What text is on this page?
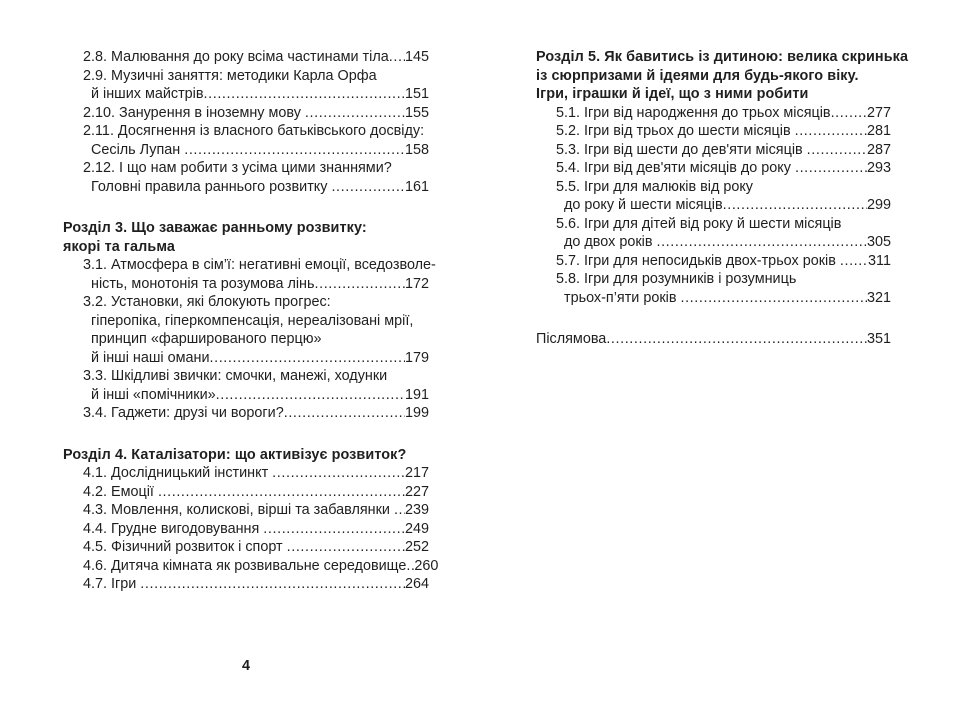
2.8. Малювання до року всіма частинами тіла ..... 145
2.9. Музичні заняття: методики Карла Орфа
й інших майстрів .....	151
2.10. Занурення в іноземну мову .....	155
2.11. Досягнення із власного батьківського досвіду:
Сесіль Лупан .....	158
2.12. І що нам робити з усіма цими знаннями?
Головні правила раннього розвитку .....	161
Розділ 3. Що заважає ранньому розвитку:
якорі та гальма
3.1. Атмосфера в сім’ї: негативні емоції, вседозволе-
ність, монотонія та розумова лінь .....	172
3.2. Установки, які блокують прогрес:
гіперопіка, гіперкомпенсація, нереалізовані мрії,
принцип «фаршированого перцю»
й інші наші омани .....	179
3.3. Шкідливі звички: смочки, манежі, ходунки
й інші «помічники» .....	191
3.4. Гаджети: друзі чи вороги? .....	199
Розділ 4. Каталізатори: що активізує розвиток?
4.1. Дослідницький інстинкт .....	217
4.2. Емоції .....	227
4.3. Мовлення, колискові, вірші та забавлянки ..... 239
4.4. Грудне вигодовування .....	249
4.5. Фізичний розвиток і спорт .....	252
4.6. Дитяча кімната як розвивальне середовище ..... 260
4.7. Ігри .....	264
Розділ 5. Як бавитись із дитиною: велика скринька
із сюрпризами й ідеями для будь-якого віку.
Ігри, іграшки й ідеї, що з ними робити
5.1. Ігри від народження до трьох місяців .....	277
5.2. Ігри від трьох до шести місяців .....	281
5.3. Ігри від шести до дев'яти місяців .....	287
5.4. Ігри від дев'яти місяців до року .....	293
5.5. Ігри для малюків від року
до року й шести місяців .....	299
5.6. Ігри для дітей від року й шести місяців
до двох років .....	305
5.7. Ігри для непосидьків двох-трьох років ..... 311
5.8. Ігри для розумників і розумниць
трьох-п’яти років .....	321
Післямова .....	351
4
